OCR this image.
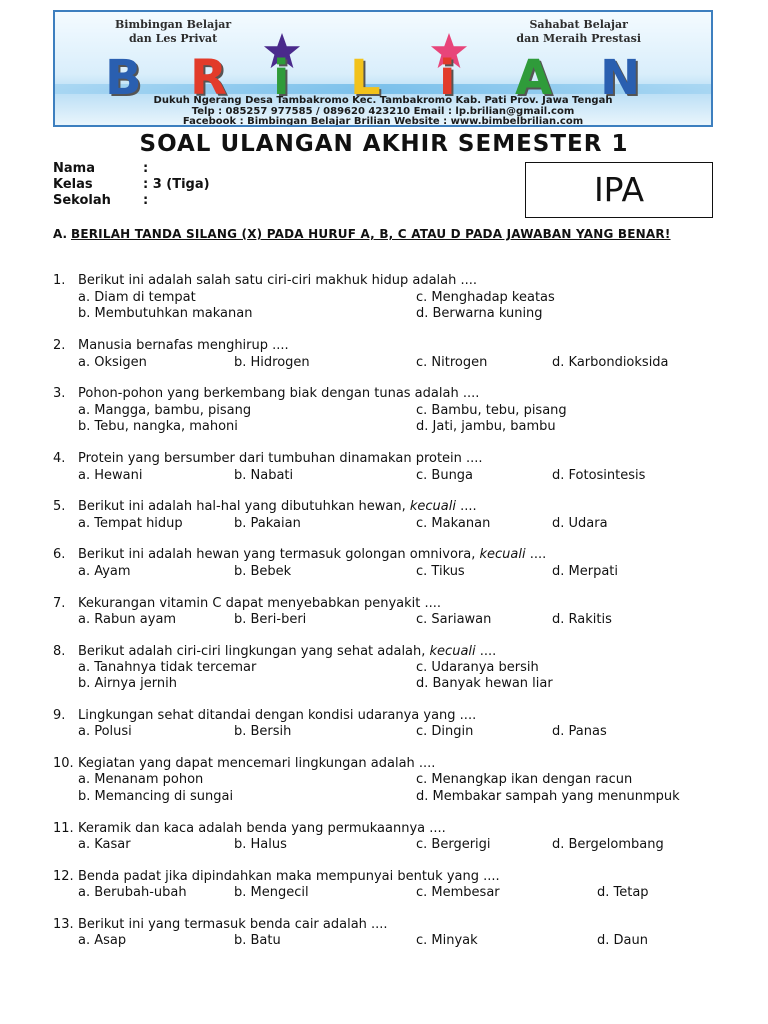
Bimbingan Belajar
dan Les Privat
Sahabat Belajar
dan Meraih Prestasi
B R i L i A N
Dukuh Ngerang Desa Tambakromo Kec. Tambakromo Kab. Pati Prov. Jawa Tengah
Telp : 085257 977585 / 089620 423210 Email : lp.brilian@gmail.com
Facebook : Bimbingan Belajar Brilian Website : www.bimbelbrilian.com
SOAL ULANGAN AKHIR SEMESTER 1
Nama	:
Kelas	: 3 (Tiga)
Sekolah	:	IPA
A. BERILAH TANDA SILANG (X) PADA HURUF A, B, C ATAU D PADA JAWABAN YANG BENAR!
1. Berikut ini adalah salah satu ciri-ciri makhuk hidup adalah ....
a. Diam di tempat
b. Membutuhkan makanan
c. Menghadap keatas
d. Berwarna kuning
2. Manusia bernafas menghirup ....
a. Oksigen	b. Hidrogen	c. Nitrogen	d. Karbondioksida
3. Pohon-pohon yang berkembang biak dengan tunas adalah ....
a. Mangga, bambu, pisang
b. Tebu, nangka, mahoni
c. Bambu, tebu, pisang
d. Jati, jambu, bambu
4. Protein yang bersumber dari tumbuhan dinamakan protein ....
a. Hewani	b. Nabati	c. Bunga	d. Fotosintesis
5. Berikut ini adalah hal-hal yang dibutuhkan hewan, kecuali ....
a. Tempat hidup	b. Pakaian	c. Makanan	d. Udara
6. Berikut ini adalah hewan yang termasuk golongan omnivora, kecuali ....
a. Ayam	b. Bebek	c. Tikus	d. Merpati
7. Kekurangan vitamin C dapat menyebabkan penyakit ....
a. Rabun ayam	b. Beri-beri	c. Sariawan	d. Rakitis
8. Berikut adalah ciri-ciri lingkungan yang sehat adalah, kecuali ....
a. Tanahnya tidak tercemar
b. Airnya jernih
c. Udaranya bersih
d. Banyak hewan liar
9. Lingkungan sehat ditandai dengan kondisi udaranya yang ....
a. Polusi	b. Bersih	c. Dingin	d. Panas
10. Kegiatan yang dapat mencemari lingkungan adalah ....
a. Menanam pohon
b. Memancing di sungai
c. Menangkap ikan dengan racun
d. Membakar sampah yang menunmpuk
11. Keramik dan kaca adalah benda yang permukaannya ....
a. Kasar	b. Halus	c. Bergerigi	d. Bergelombang
12. Benda padat jika dipindahkan maka mempunyai bentuk yang ....
a. Berubah-ubah	b. Mengecil	c. Membesar	d. Tetap
13. Berikut ini yang termasuk benda cair adalah ....
a. Asap	b. Batu	c. Minyak	d. Daun
